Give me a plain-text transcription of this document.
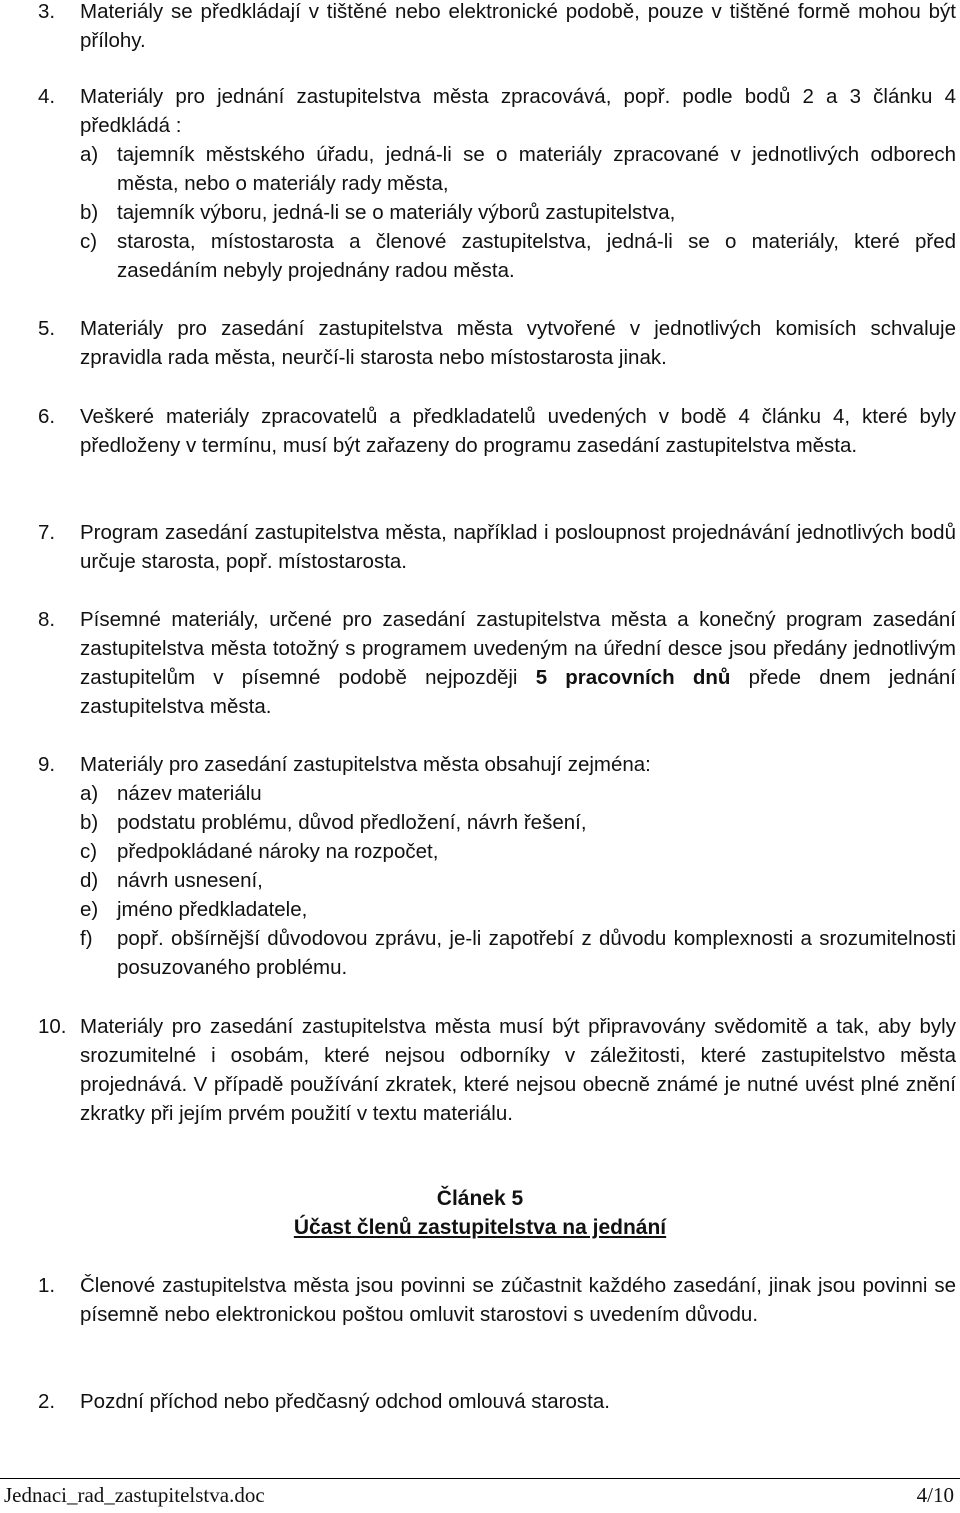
3.	Materiály se předkládají v tištěné nebo elektronické podobě, pouze v tištěné formě mohou být přílohy.
4.	Materiály pro jednání zastupitelstva města zpracovává, popř. podle bodů 2 a 3 článku 4 předkládá :
a) tajemník městského úřadu, jedná-li se o materiály zpracované v jednotlivých odborech města, nebo o materiály rady města,
b) tajemník výboru, jedná-li se o materiály výborů zastupitelstva,
c) starosta, místostarosta a členové zastupitelstva, jedná-li se o materiály, které před zasedáním nebyly projednány radou města.
5.	Materiály pro zasedání zastupitelstva města vytvořené v jednotlivých komisích schvaluje zpravidla rada města, neurčí-li starosta nebo místostarosta jinak.
6.	Veškeré materiály zpracovatelů a předkladatelů uvedených v bodě 4 článku 4, které byly předloženy v termínu, musí být zařazeny do programu zasedání zastupitelstva města.
7.	Program zasedání zastupitelstva města, například i posloupnost projednávání jednotlivých bodů určuje starosta, popř. místostarosta.
8.	Písemné materiály, určené pro zasedání zastupitelstva města a konečný program zasedání zastupitelstva města totožný s programem uvedeným na úřední desce jsou předány jednotlivým zastupitelům v písemné podobě nejpozději 5 pracovních dnů přede dnem jednání zastupitelstva města.
9.	Materiály pro zasedání zastupitelstva města obsahují zejména:
a) název materiálu
b) podstatu problému, důvod předložení, návrh řešení,
c) předpokládané nároky na rozpočet,
d) návrh usnesení,
e) jméno předkladatele,
f)	popř. obšírnější důvodovou zprávu, je-li zapotřebí z důvodu komplexnosti a srozumitelnosti posuzovaného problému.
10. Materiály pro zasedání zastupitelstva města musí být připravovány svědomitě a tak, aby byly srozumitelné i osobám, které nejsou odborníky v záležitosti, které zastupitelstvo města projednává. V případě používání zkratek, které nejsou obecně známé je nutné uvést plné znění zkratky při jejím prvém použití v textu materiálu.
1.	Členové zastupitelstva města jsou povinni se zúčastnit každého zasedání, jinak jsou povinni se písemně nebo elektronickou poštou omluvit starostovi s uvedením důvodu.
2.	Pozdní příchod nebo předčasný odchod omlouvá starosta.
Článek 5
Účast členů zastupitelstva na jednání
Jednaci_rad_zastupitelstva.doc	4/10
